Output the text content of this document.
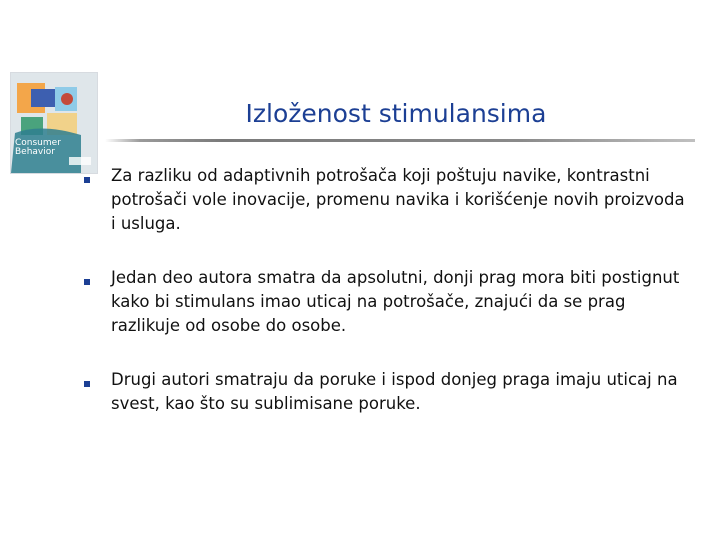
Consumer
Behavior
Izloženost stimulansima
Za razliku od adaptivnih potrošača koji poštuju navike, kontrastni potrošači vole inovacije, promenu navika i korišćenje novih proizvoda i usluga.
Jedan deo autora smatra da apsolutni, donji prag mora biti postignut kako bi stimulans imao uticaj na potrošače, znajući da se prag razlikuje od osobe do osobe.
Drugi autori smatraju da poruke i ispod donjeg praga imaju uticaj na svest, kao što su sublimisane poruke.
